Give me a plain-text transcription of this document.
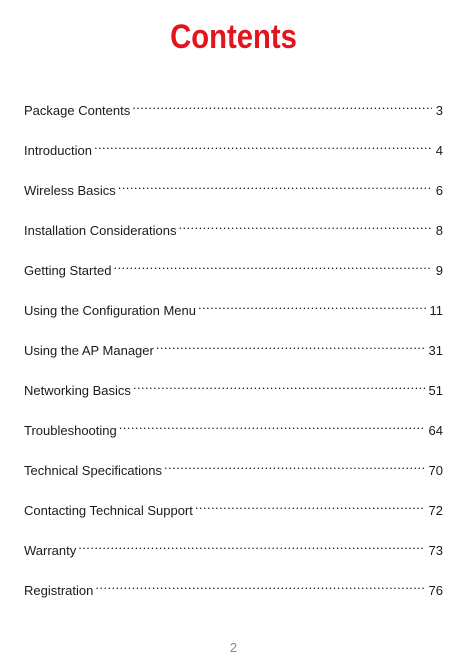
Contents
Package Contents . . .	3
Introduction . . .	4
Wireless Basics . . .	6
Installation Considerations . . .	8
Getting Started . . .	9
Using the Configuration Menu . . .	11
Using the AP Manager . . .	31
Networking Basics . . .	51
Troubleshooting . . .	64
Technical Specifications . . .	70
Contacting Technical Support . . .	72
Warranty . . .	73
Registration . . .	76
2
